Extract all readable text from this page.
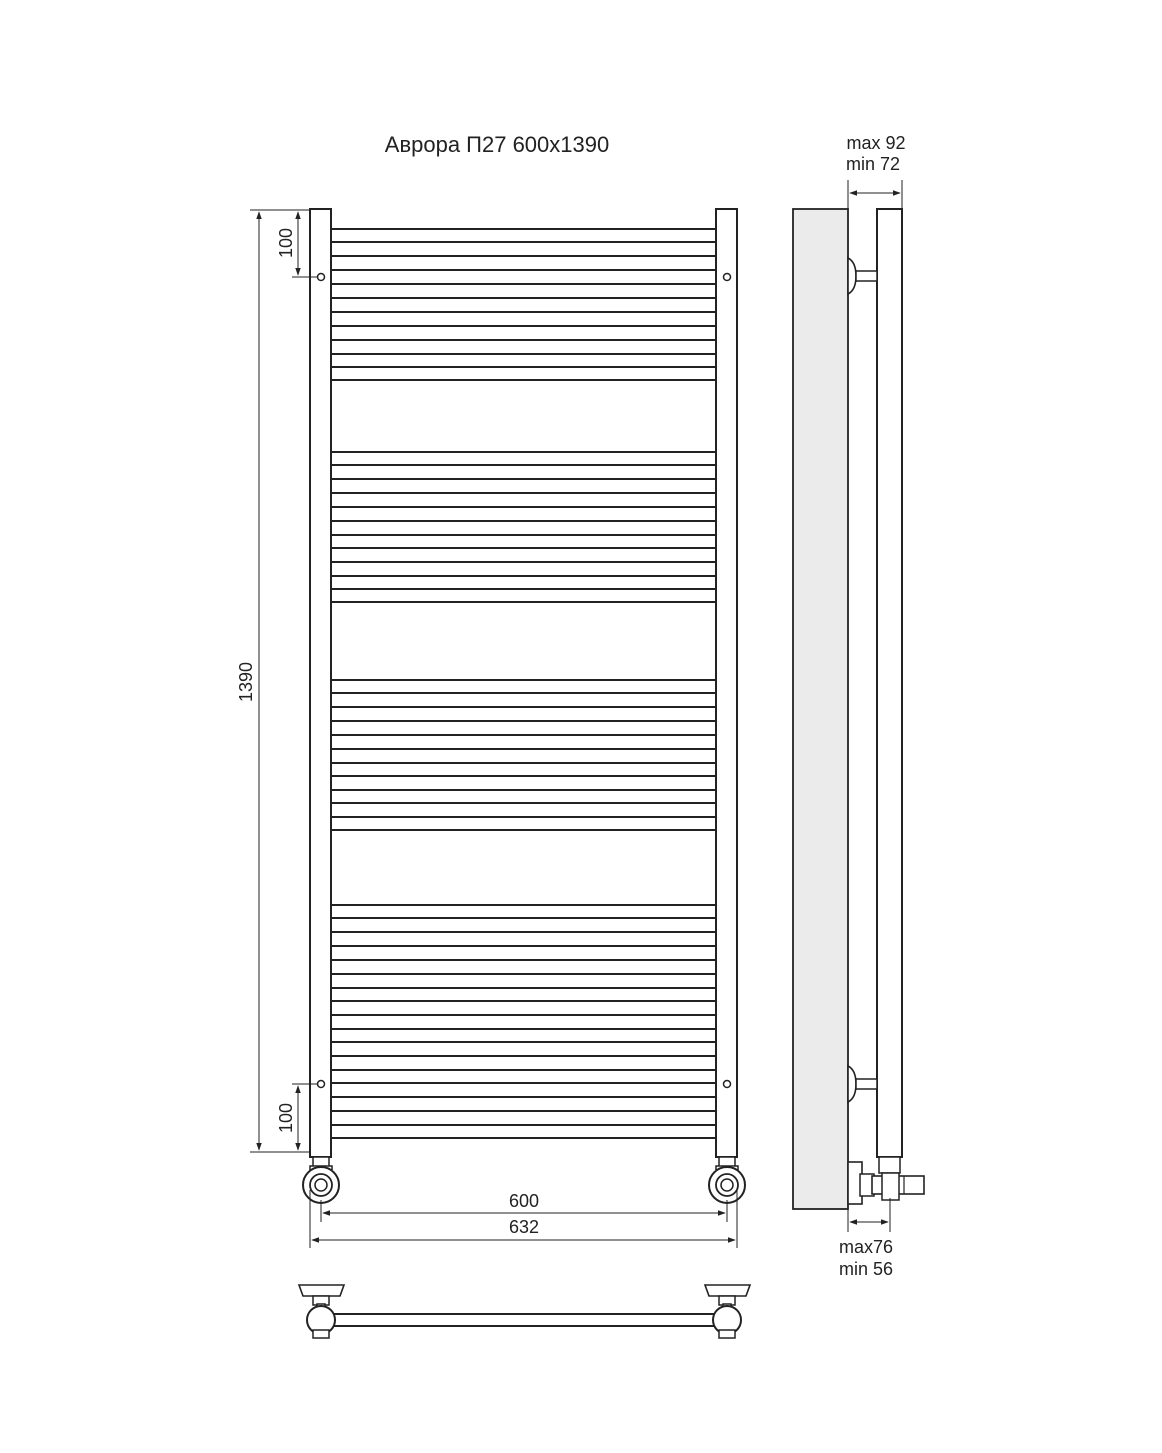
Аврора П27 600х1390
1390
100
100
600
632
max 92
min 72
max76
min 56
